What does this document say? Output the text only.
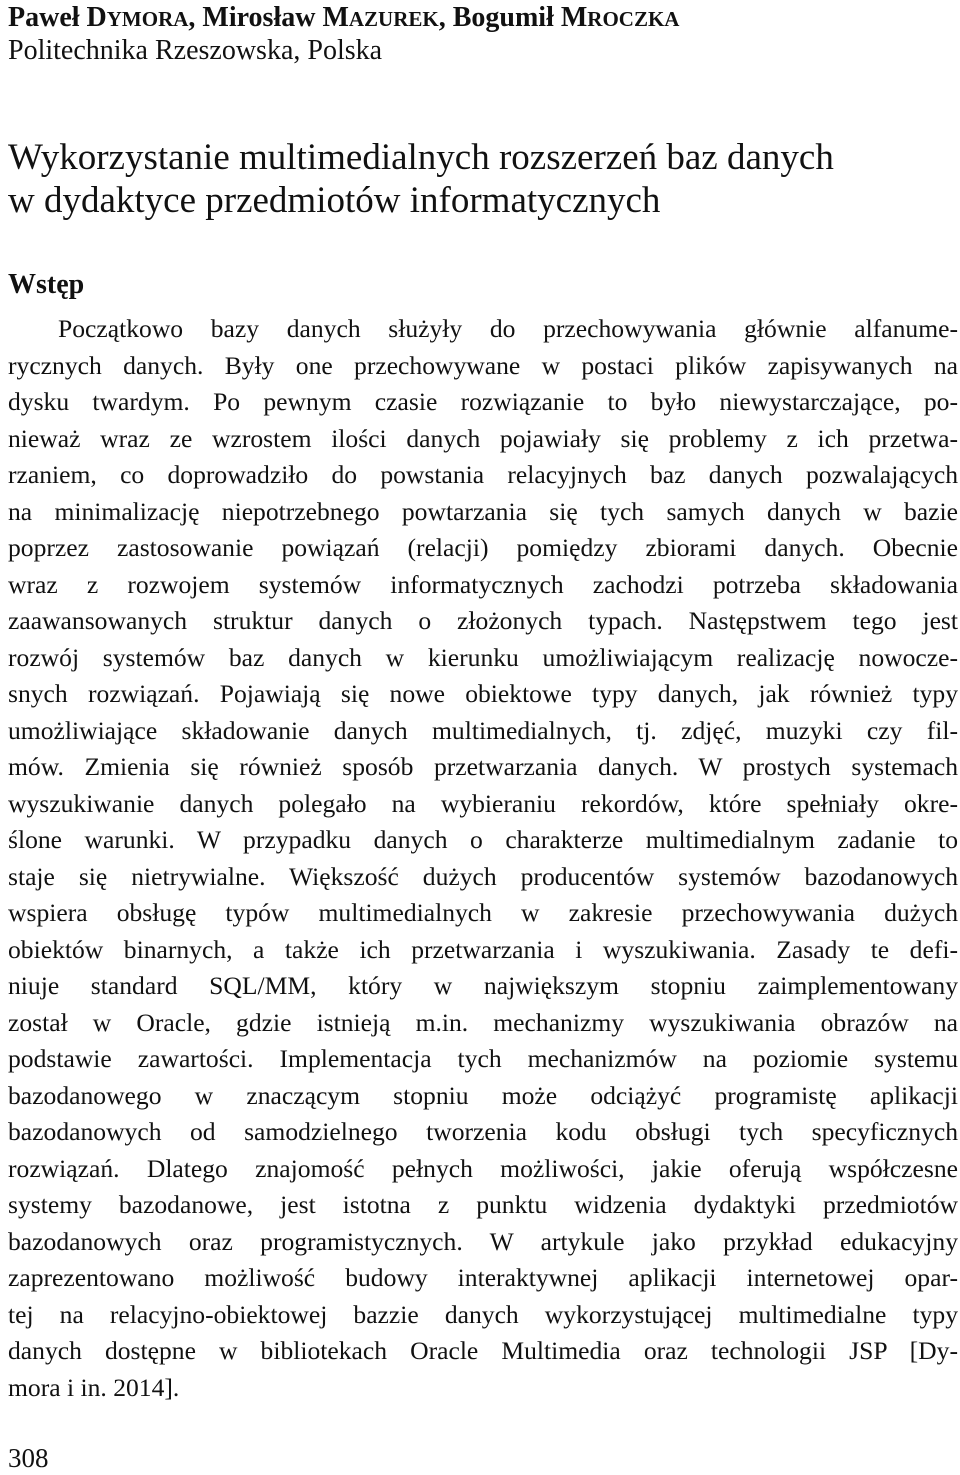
Paweł DYMORA, Mirosław MAZUREK, Bogumił MROCZKA
Politechnika Rzeszowska, Polska
Wykorzystanie multimedialnych rozszerzeń baz danych
w dydaktyce przedmiotów informatycznych
Wstęp
Początkowo bazy danych służyły do przechowywania głównie alfanume-
rycznych danych. Były one przechowywane w postaci plików zapisywanych na
dysku twardym. Po pewnym czasie rozwiązanie to było niewystarczające, po-
nieważ wraz ze wzrostem ilości danych pojawiały się problemy z ich przetwa-
rzaniem, co doprowadziło do powstania relacyjnych baz danych pozwalających
na minimalizację niepotrzebnego powtarzania się tych samych danych w bazie
poprzez zastosowanie powiązań (relacji) pomiędzy zbiorami danych. Obecnie
wraz z rozwojem systemów informatycznych zachodzi potrzeba składowania
zaawansowanych struktur danych o złożonych typach. Następstwem tego jest
rozwój systemów baz danych w kierunku umożliwiającym realizację nowocze-
snych rozwiązań. Pojawiają się nowe obiektowe typy danych, jak również typy
umożliwiające składowanie danych multimedialnych, tj. zdjęć, muzyki czy fil-
mów. Zmienia się również sposób przetwarzania danych. W prostych systemach
wyszukiwanie danych polegało na wybieraniu rekordów, które spełniały okre-
ślone warunki. W przypadku danych o charakterze multimedialnym zadanie to
staje się nietrywialne. Większość dużych producentów systemów bazodanowych
wspiera obsługę typów multimedialnych w zakresie przechowywania dużych
obiektów binarnych, a także ich przetwarzania i wyszukiwania. Zasady te defi-
niuje standard SQL/MM, który w największym stopniu zaimplementowany
został w Oracle, gdzie istnieją m.in. mechanizmy wyszukiwania obrazów na
podstawie zawartości. Implementacja tych mechanizmów na poziomie systemu
bazodanowego w znaczącym stopniu może odciążyć programistę aplikacji
bazodanowych od samodzielnego tworzenia kodu obsługi tych specyficznych
rozwiązań. Dlatego znajomość pełnych możliwości, jakie oferują współczesne
systemy bazodanowe, jest istotna z punktu widzenia dydaktyki przedmiotów
bazodanowych oraz programistycznych. W artykule jako przykład edukacyjny
zaprezentowano możliwość budowy interaktywnej aplikacji internetowej opar-
tej na relacyjno-obiektowej bazzie danych wykorzystującej multimedialne typy
danych dostępne w bibliotekach Oracle Multimedia oraz technologii JSP [Dy-
mora i in. 2014].
308
